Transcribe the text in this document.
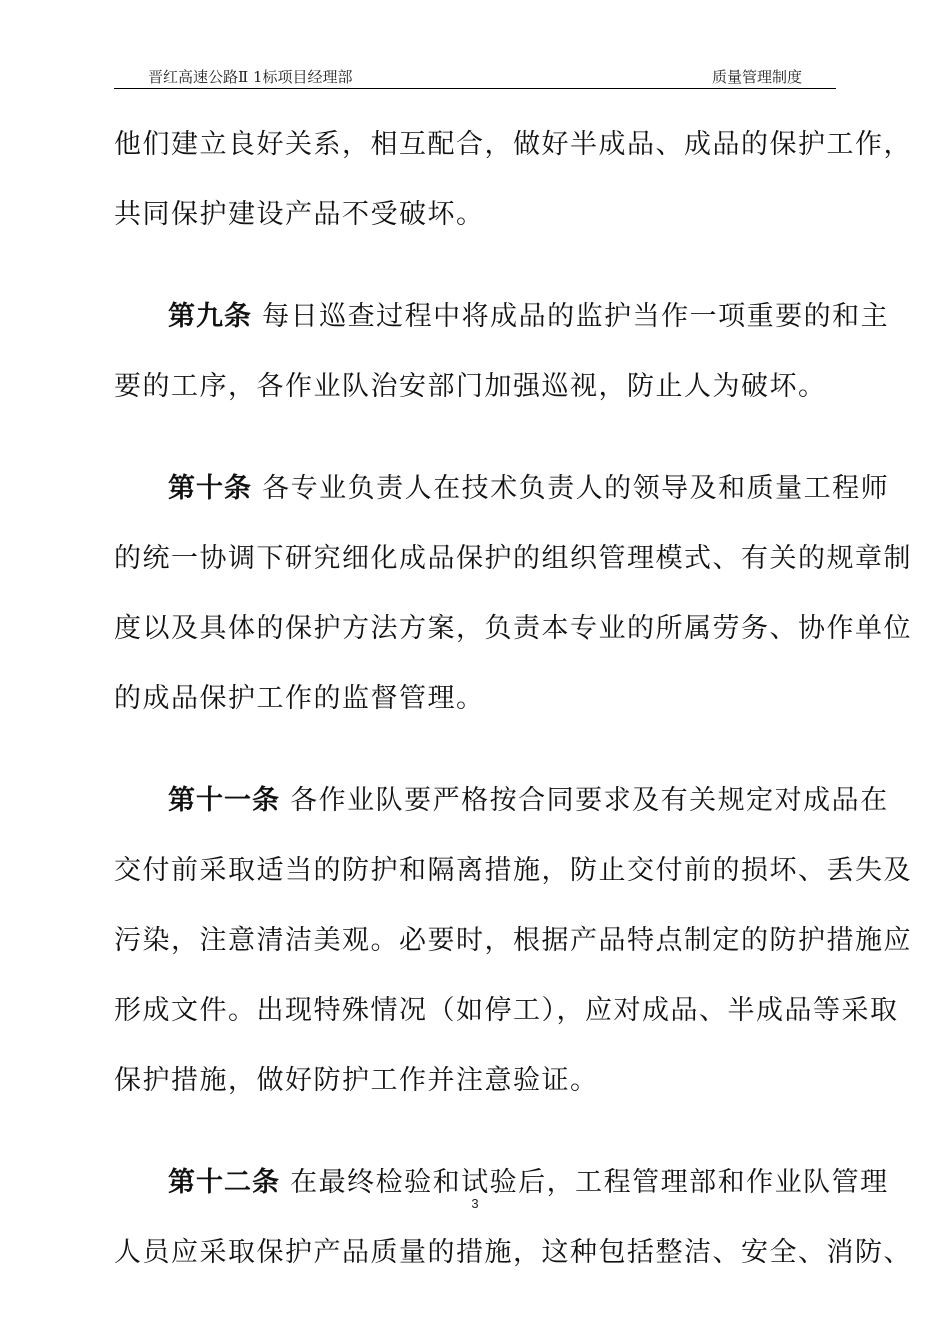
晋红高速公路Ⅱ 1标项目经理部	质量管理制度
他们建立良好关系，相互配合，做好半成品、成品的保护工作，
共同保护建设产品不受破坏。
第九条 每日巡查过程中将成品的监护当作一项重要的和主
要的工序，各作业队治安部门加强巡视，防止人为破坏。
第十条 各专业负责人在技术负责人的领导及和质量工程师
的统一协调下研究细化成品保护的组织管理模式、有关的规章制
度以及具体的保护方法方案，负责本专业的所属劳务、协作单位
的成品保护工作的监督管理。
第十一条 各作业队要严格按合同要求及有关规定对成品在
交付前采取适当的防护和隔离措施，防止交付前的损坏、丢失及
污染，注意清洁美观。必要时，根据产品特点制定的防护措施应
形成文件。出现特殊情况（如停工），应对成品、半成品等采取
保护措施，做好防护工作并注意验证。
第十二条 在最终检验和试验后，工程管理部和作业队管理
人员应采取保护产品质量的措施，这种包括整洁、安全、消防、
3
